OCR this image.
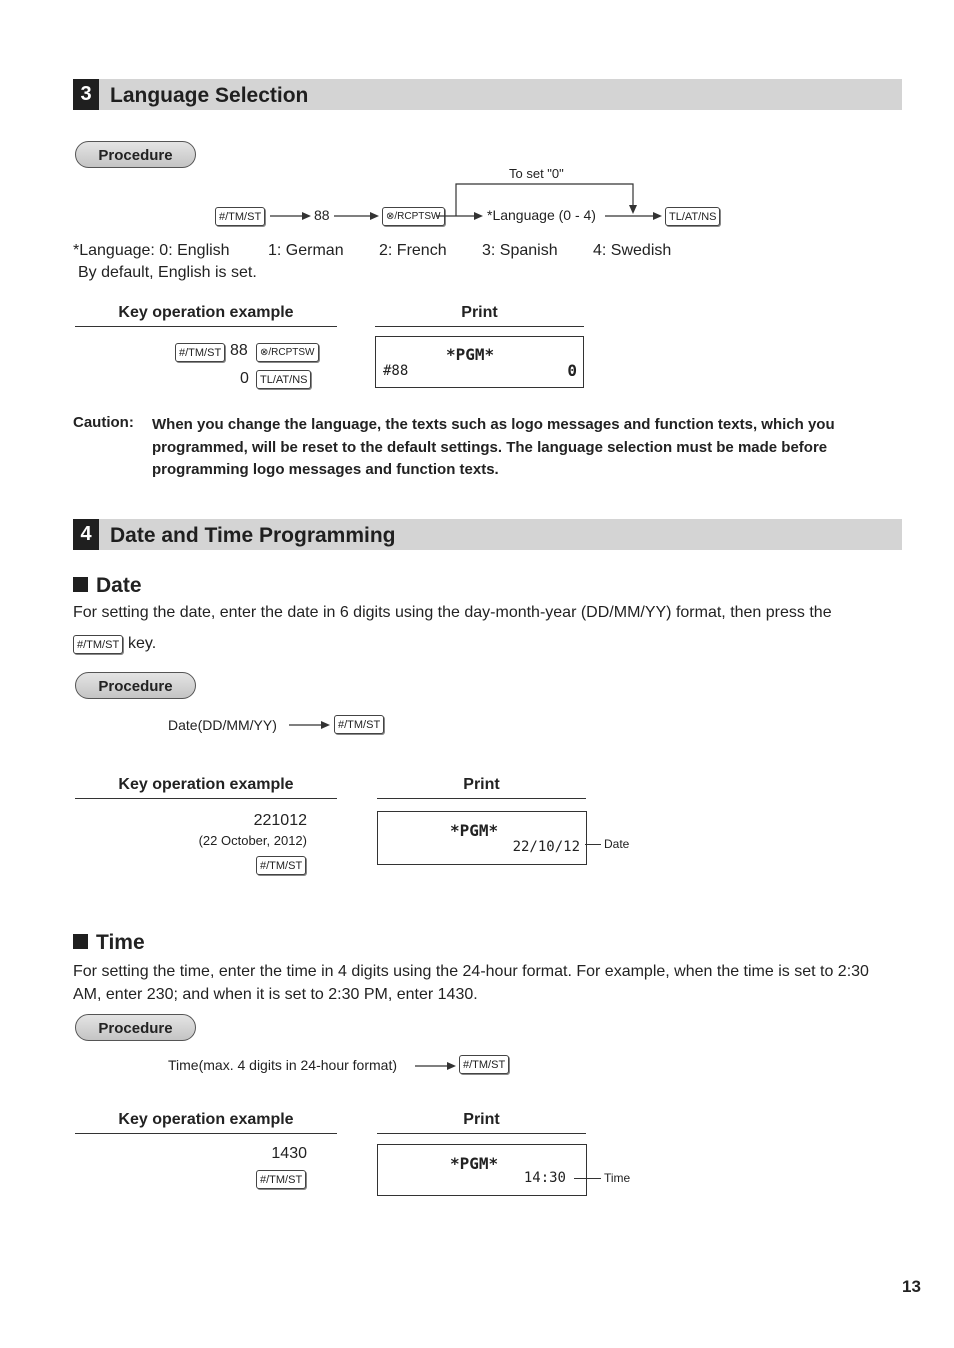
3 Language Selection
Procedure
#/TM/ST	88	⊗/RCPTSW
To set "0"
*Language (0 - 4)	TL/AT/NS
*Language: 0: English 1: German 2: French 3: Spanish 4: Swedish
By default, English is set.
Key operation example	Print
#/TM/ST 88	⊗/RCPTSW
0	TL/AT/NS
*PGM*
#88	0
Caution: When you change the language, the texts such as logo messages and function texts, which you programmed, will be reset to the default settings. The language selection must be made before programming logo messages and function texts.
4 Date and Time Programming
Date
For setting the date, enter the date in 6 digits using the day-month-year (DD/MM/YY) format, then press the
#/TM/ST key.
Procedure
Date(DD/MM/YY)	#/TM/ST
Key operation example	Print
221012
(22 October, 2012)
#/TM/ST
*PGM*
22/10/12 Date
Time
For setting the time, enter the time in 4 digits using the 24-hour format. For example, when the time is set to 2:30 AM, enter 230; and when it is set to 2:30 PM, enter 1430.
Procedure
Time(max. 4 digits in 24-hour format)	#/TM/ST
Key operation example	Print
1430
#/TM/ST
*PGM*
14:30	Time
13
